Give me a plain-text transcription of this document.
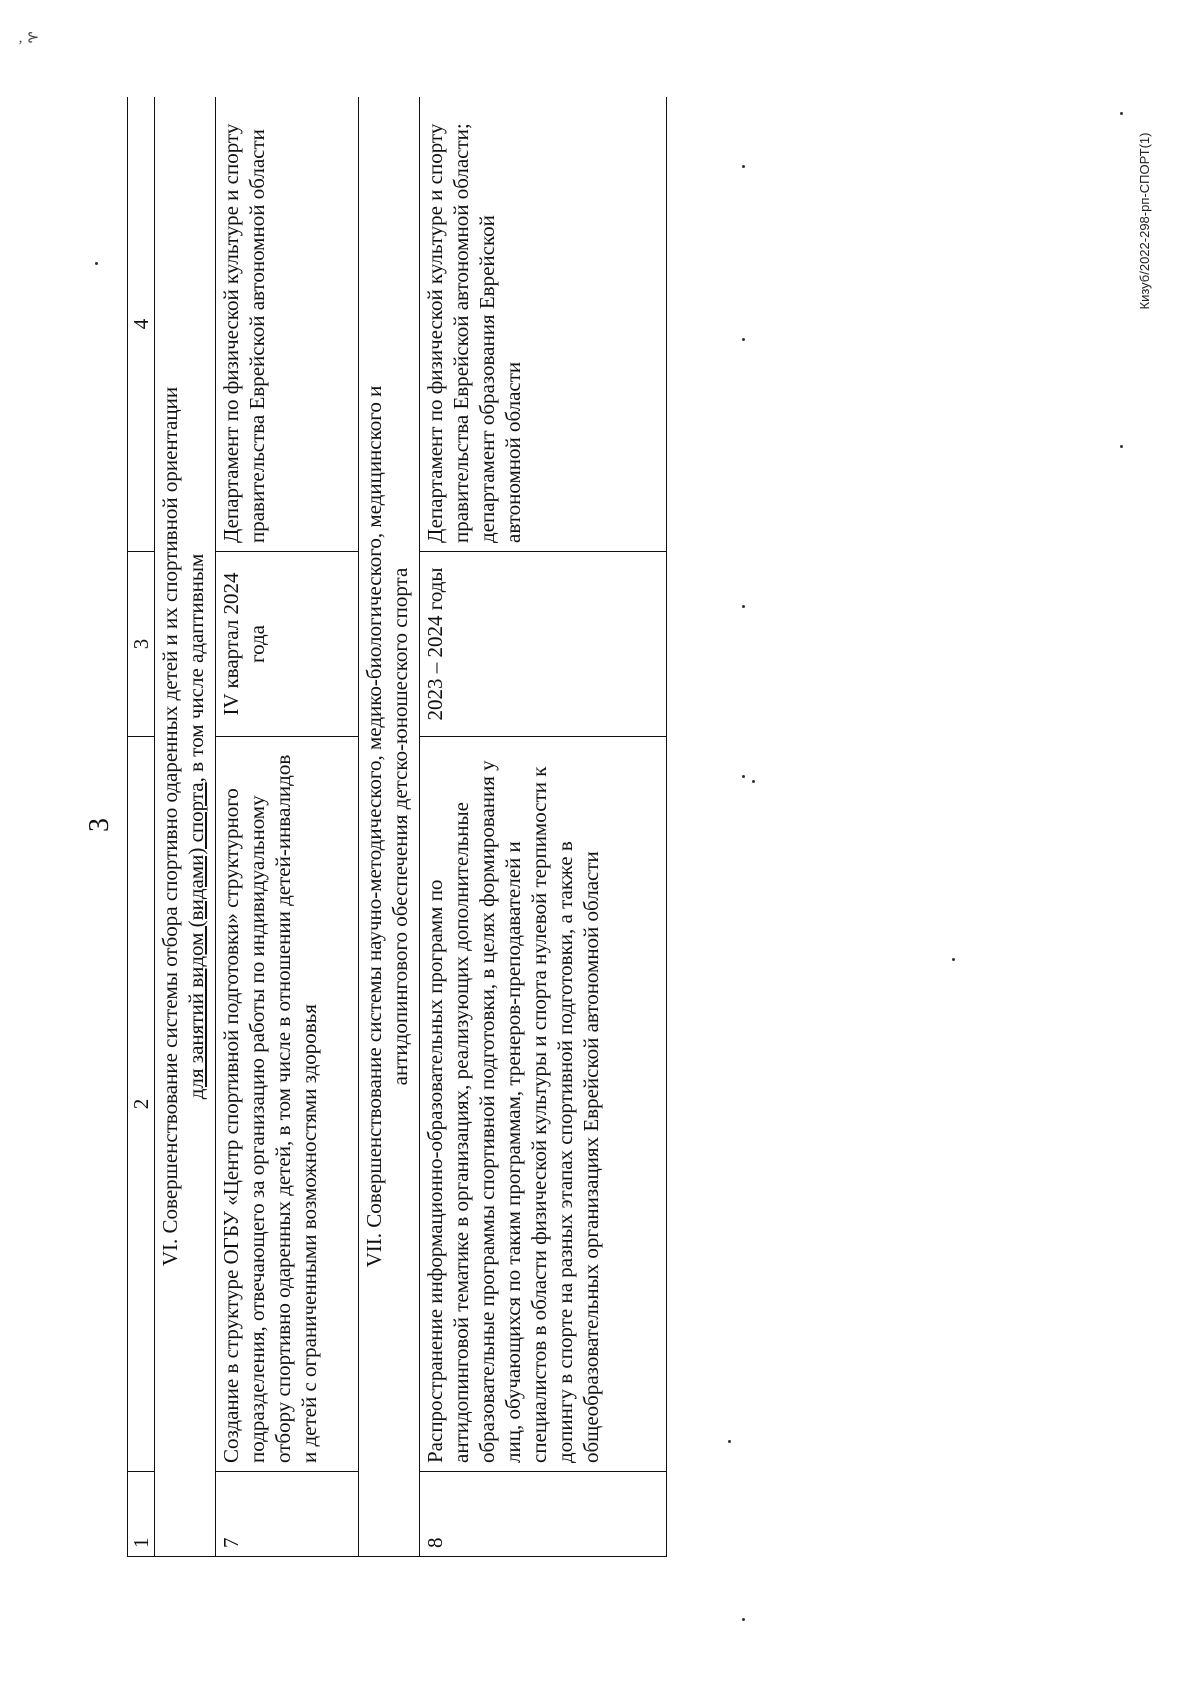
‚ ⊱
3
Кизуб/2022-298-рп-СПОРТ(1)
1	2	3	4

VI. Совершенствование системы отбора спортивно одаренных детей и их спортивной ориентации для занятий видом (видами) спорта, в том числе адаптивным			

7	Создание в структуре ОГБУ «Центр спортивной подготовки» структурного подразделения, отвечающего за организацию работы по индивидуальному отбору спортивно одаренных детей, в том числе в отношении детей-инвалидов и детей с ограниченными возможностями здоровья	IV квартал 2024 года	Департамент по физической культуре и спорту правительства Еврейской автономной области

VII. Совершенствование системы научно-методического, медико-биологического, медицинского и антидопингового обеспечения детско-юношеского спорта			

8	Распространение информационно-образовательных программ по антидопинговой тематике в организациях, реализующих дополнительные образовательные программы спортивной подготовки, в целях формирования у лиц, обучающихся по таким программам, тренеров-преподавателей и специалистов в области физической культуры и спорта нулевой терпимости к допингу в спорте на разных этапах спортивной подготовки, а также в общеобразовательных организациях Еврейской автономной области	2023 – 2024 годы	Департамент по физической культуре и спорту правительства Еврейской автономной области; департамент образования Еврейской автономной области
